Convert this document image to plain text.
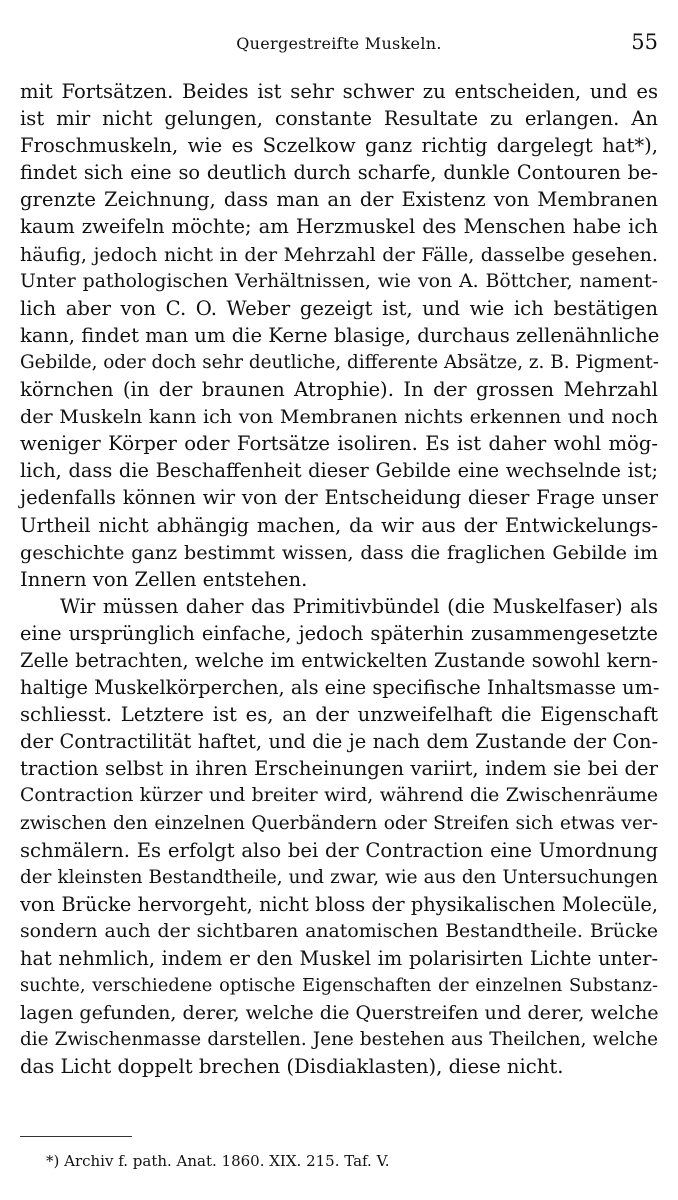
Quergestreifte Muskeln.	55
mit Fortsätzen. Beides ist sehr schwer zu entscheiden, und es
ist mir nicht gelungen, constante Resultate zu erlangen. An
Froschmuskeln, wie es Sczelkow ganz richtig dargelegt hat*),
findet sich eine so deutlich durch scharfe, dunkle Contouren be-
grenzte Zeichnung, dass man an der Existenz von Membranen
kaum zweifeln möchte; am Herzmuskel des Menschen habe ich
häufig, jedoch nicht in der Mehrzahl der Fälle, dasselbe gesehen.
Unter pathologischen Verhältnissen, wie von A. Böttcher, nament-
lich aber von C. O. Weber gezeigt ist, und wie ich bestätigen
kann, findet man um die Kerne blasige, durchaus zellenähnliche
Gebilde, oder doch sehr deutliche, differente Absätze, z. B. Pigment-
körnchen (in der braunen Atrophie). In der grossen Mehrzahl
der Muskeln kann ich von Membranen nichts erkennen und noch
weniger Körper oder Fortsätze isoliren. Es ist daher wohl mög-
lich, dass die Beschaffenheit dieser Gebilde eine wechselnde ist;
jedenfalls können wir von der Entscheidung dieser Frage unser
Urtheil nicht abhängig machen, da wir aus der Entwickelungs-
geschichte ganz bestimmt wissen, dass die fraglichen Gebilde im
Innern von Zellen entstehen.
Wir müssen daher das Primitivbündel (die Muskelfaser) als
eine ursprünglich einfache, jedoch späterhin zusammengesetzte
Zelle betrachten, welche im entwickelten Zustande sowohl kern-
haltige Muskelkörperchen, als eine specifische Inhaltsmasse um-
schliesst. Letztere ist es, an der unzweifelhaft die Eigenschaft
der Contractilität haftet, und die je nach dem Zustande der Con-
traction selbst in ihren Erscheinungen variirt, indem sie bei der
Contraction kürzer und breiter wird, während die Zwischenräume
zwischen den einzelnen Querbändern oder Streifen sich etwas ver-
schmälern. Es erfolgt also bei der Contraction eine Umordnung
der kleinsten Bestandtheile, und zwar, wie aus den Untersuchungen
von Brücke hervorgeht, nicht bloss der physikalischen Molecüle,
sondern auch der sichtbaren anatomischen Bestandtheile. Brücke
hat nehmlich, indem er den Muskel im polarisirten Lichte unter-
suchte, verschiedene optische Eigenschaften der einzelnen Substanz-
lagen gefunden, derer, welche die Querstreifen und derer, welche
die Zwischenmasse darstellen. Jene bestehen aus Theilchen, welche
das Licht doppelt brechen (Disdiaklasten), diese nicht.
*) Archiv f. path. Anat. 1860. XIX. 215. Taf. V.
